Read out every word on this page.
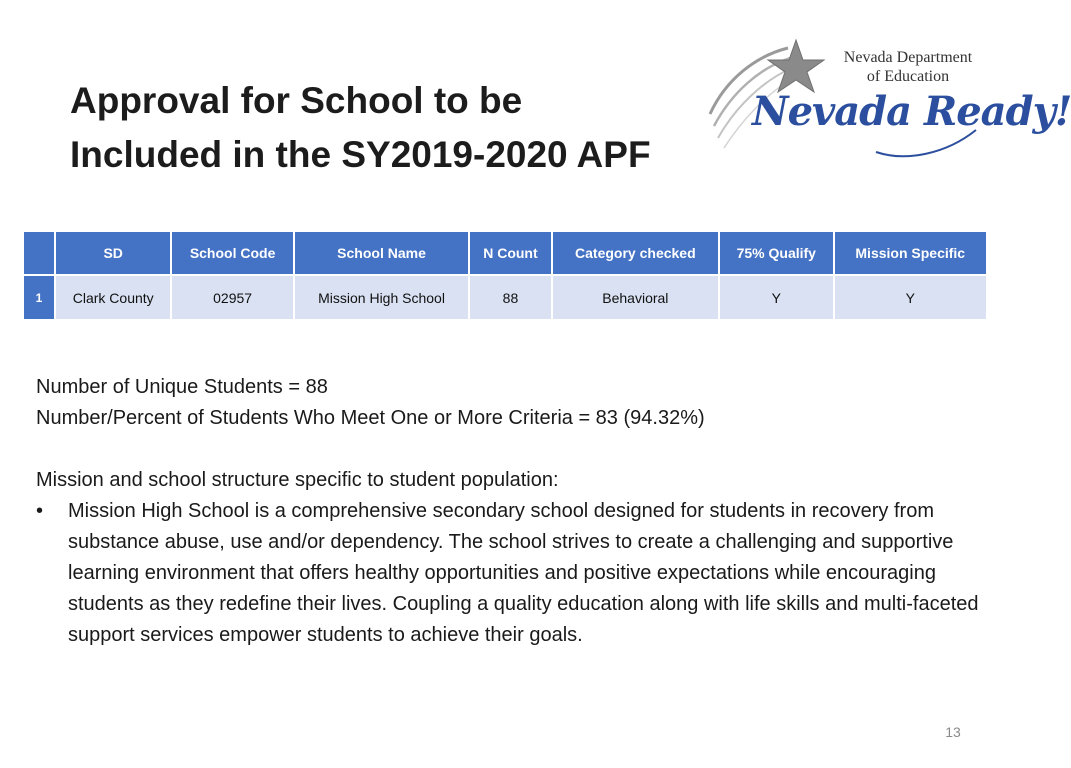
Approval for School to be
Included in the SY2019-2020 APF
Nevada Department
of Education
Nevada Ready!
	SD	School Code	School Name	N Count	Category checked	75% Qualify	Mission Specific
1	Clark County	02957	Mission High School	88	Behavioral	Y	Y

Number of Unique Students = 88

Number/Percent of Students Who Meet One or More Criteria = 83 (94.32%)

Mission and school structure specific to student population:

•	Mission High School is a comprehensive secondary school designed for students in recovery from substance abuse, use and/or dependency. The school strives to create a challenging and supportive learning environment that offers healthy opportunities and positive expectations while encouraging students as they redefine their lives. Coupling a quality education along with life skills and multi-faceted support services empower students to achieve their goals.
13
